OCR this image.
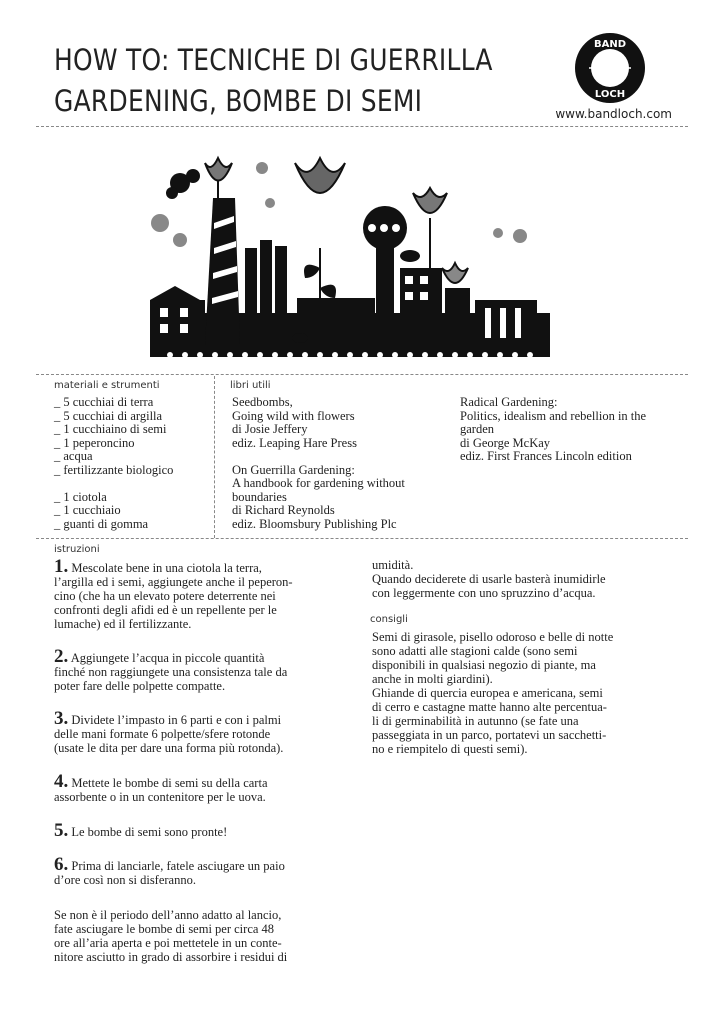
HOW TO: TECNICHE DI GUERRILLA
GARDENING, BOMBE DI SEMI
BAND
LOCH
www.bandloch.com
materiali e strumenti
_ 5 cucchiai di terra
_ 5 cucchiai di argilla
_ 1 cucchiaino di semi
_ 1 peperoncino
_ acqua
_ fertilizzante biologico
_ 1 ciotola
_ 1 cucchiaio
_ guanti di gomma
libri utili
Seedbombs,
Going wild with flowers
di Josie Jeffery
ediz. Leaping Hare Press
On Guerrilla Gardening:
A handbook for gardening without
boundaries
di Richard Reynolds
ediz. Bloomsbury Publishing Plc
Radical Gardening:
Politics, idealism and rebellion in the
garden
di George McKay
ediz. First Frances Lincoln edition
istruzioni
1. Mescolate bene in una ciotola la terra,
l’argilla ed i semi, aggiungete anche il peperon-
cino (che ha un elevato potere deterrente nei
confronti degli afidi ed è un repellente per le
lumache) ed il fertilizzante.
2. Aggiungete l’acqua in piccole quantità
finché non raggiungete una consistenza tale da
poter fare delle polpette compatte.
3. Dividete l’impasto in 6 parti e con i palmi
delle mani formate 6 polpette/sfere rotonde
(usate le dita per dare una forma più rotonda).
4. Mettete le bombe di semi su della carta
assorbente o in un contenitore per le uova.
5. Le bombe di semi sono pronte!
6. Prima di lanciarle, fatele asciugare un paio
d’ore così non si disferanno.
Se non è il periodo dell’anno adatto al lancio,
fate asciugare le bombe di semi per circa 48
ore all’aria aperta e poi mettetele in un conte-
nitore asciutto in grado di assorbire i residui di
umidità.
Quando deciderete di usarle basterà inumidirle
con leggermente con uno spruzzino d’acqua.
consigli
Semi di girasole, pisello odoroso e belle di notte
sono adatti alle stagioni calde (sono semi
disponibili in qualsiasi negozio di piante, ma
anche in molti giardini).
Ghiande di quercia europea e americana, semi
di cerro e castagne matte hanno alte percentua-
li di germinabilità in autunno (se fate una
passeggiata in un parco, portatevi un sacchetti-
no e riempitelo di questi semi).
